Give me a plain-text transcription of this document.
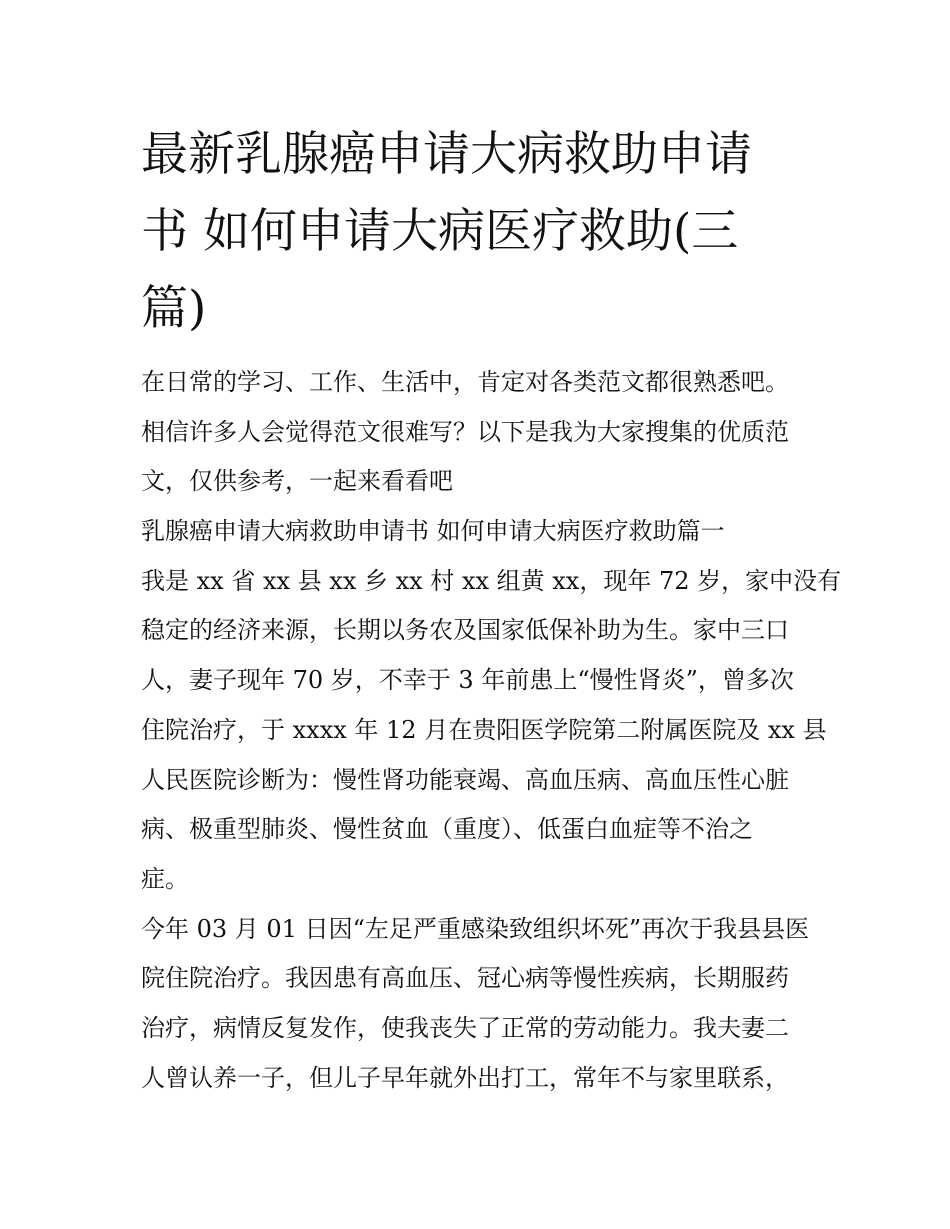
最新乳腺癌申请大病救助申请
书 如何申请大病医疗救助(三
篇)
在日常的学习、工作、生活中，肯定对各类范文都很熟悉吧。
相信许多人会觉得范文很难写？以下是我为大家搜集的优质范
文，仅供参考，一起来看看吧
乳腺癌申请大病救助申请书 如何申请大病医疗救助篇一
我是 xx 省 xx 县 xx 乡 xx 村 xx 组黄 xx，现年 72 岁，家中没有
稳定的经济来源，长期以务农及国家低保补助为生。家中三口
人，妻子现年 70 岁，不幸于 3 年前患上“慢性肾炎”，曾多次
住院治疗，于 xxxx 年 12 月在贵阳医学院第二附属医院及 xx 县
人民医院诊断为：慢性肾功能衰竭、高血压病、高血压性心脏
病、极重型肺炎、慢性贫血（重度）、低蛋白血症等不治之
症。
今年 03 月 01 日因“左足严重感染致组织坏死”再次于我县县医
院住院治疗。我因患有高血压、冠心病等慢性疾病，长期服药
治疗，病情反复发作，使我丧失了正常的劳动能力。我夫妻二
人曾认养一子，但儿子早年就外出打工，常年不与家里联系，
